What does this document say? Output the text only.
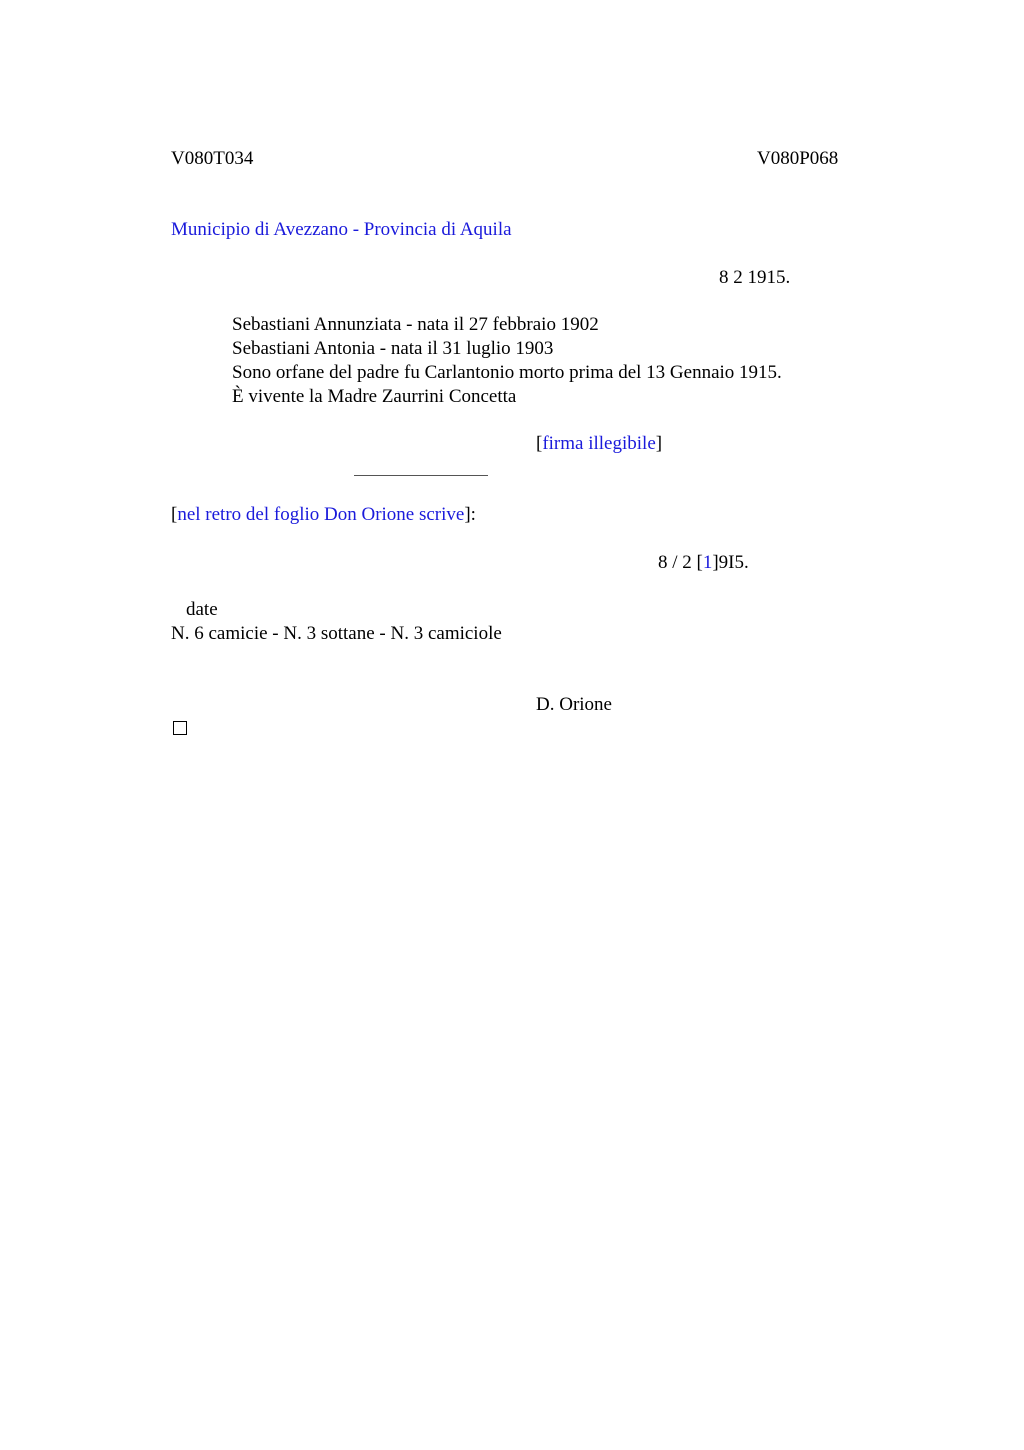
V080T034	V080P068
Municipio di Avezzano - Provincia di Aquila
8 2 1915.
Sebastiani Annunziata - nata il 27 febbraio 1902
Sebastiani Antonia - nata il 31 luglio 1903
Sono orfane del padre fu Carlantonio morto prima del 13 Gennaio 1915.
È vivente la Madre Zaurrini Concetta
[firma illegibile]
[nel retro del foglio Don Orione scrive]:
8 / 2 [1]9I5.
date
N. 6 camicie - N. 3 sottane - N. 3 camiciole
D. Orione
